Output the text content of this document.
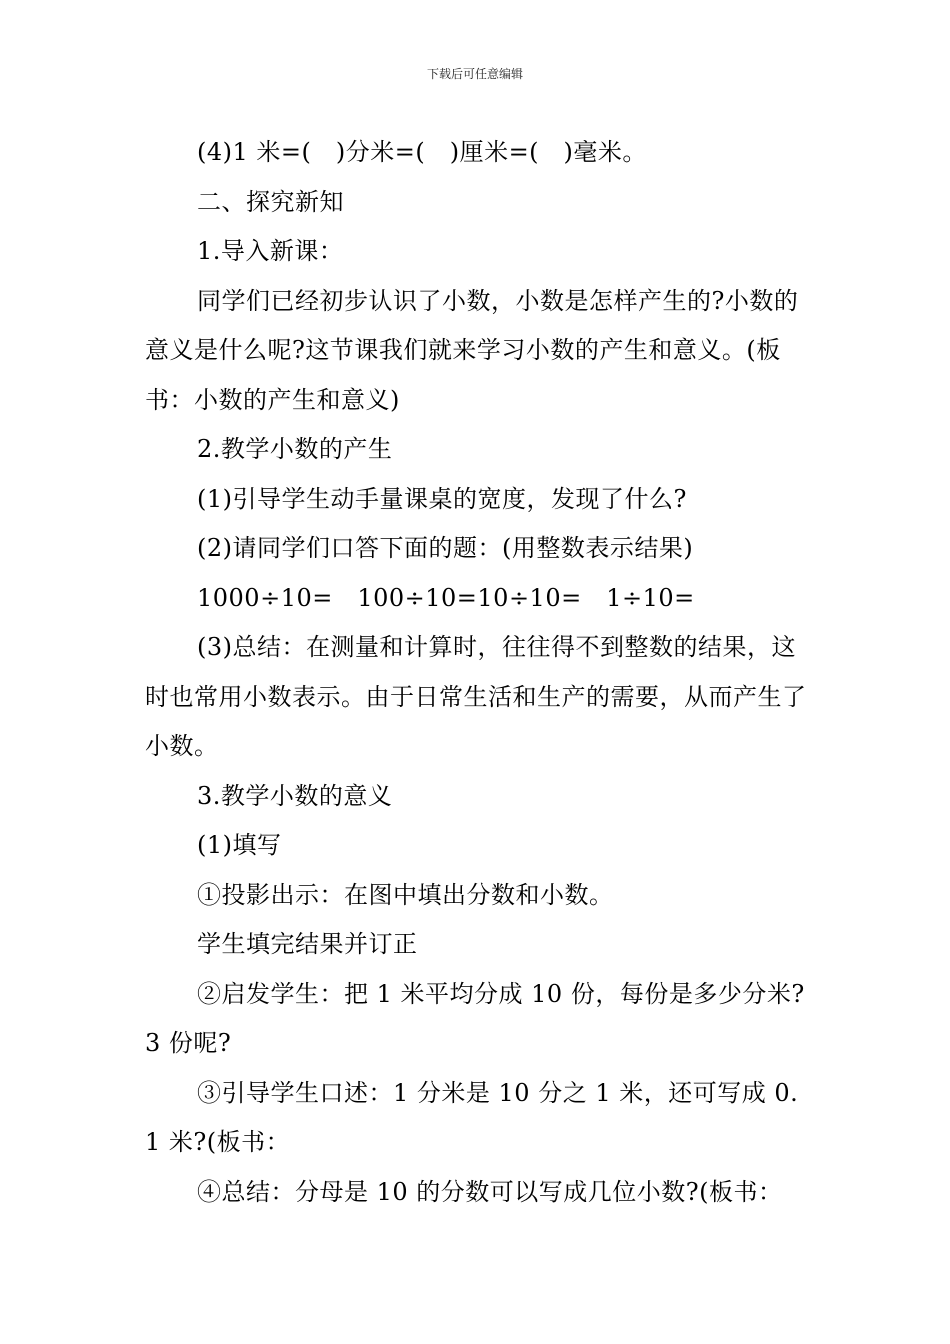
下载后可任意编辑

(4)1 米=(　)分米=(　)厘米=(　)毫米。

二、探究新知

1.导入新课：

同学们已经初步认识了小数，小数是怎样产生的?小数的意义是什么呢?这节课我们就来学习小数的产生和意义。(板书：小数的产生和意义)

2.教学小数的产生

(1)引导学生动手量课桌的宽度，发现了什么?

(2)请同学们口答下面的题：(用整数表示结果)

1000÷10=　100÷10=10÷10=　1÷10=

(3)总结：在测量和计算时，往往得不到整数的结果，这时也常用小数表示。由于日常生活和生产的需要，从而产生了小数。

3.教学小数的意义

(1)填写

①投影出示：在图中填出分数和小数。

学生填完结果并订正

②启发学生：把 1 米平均分成 10 份，每份是多少分米?3 份呢?

③引导学生口述：1 分米是 10 分之 1 米，还可写成 0.1 米?(板书：

④总结：分母是 10 的分数可以写成几位小数?(板书：
